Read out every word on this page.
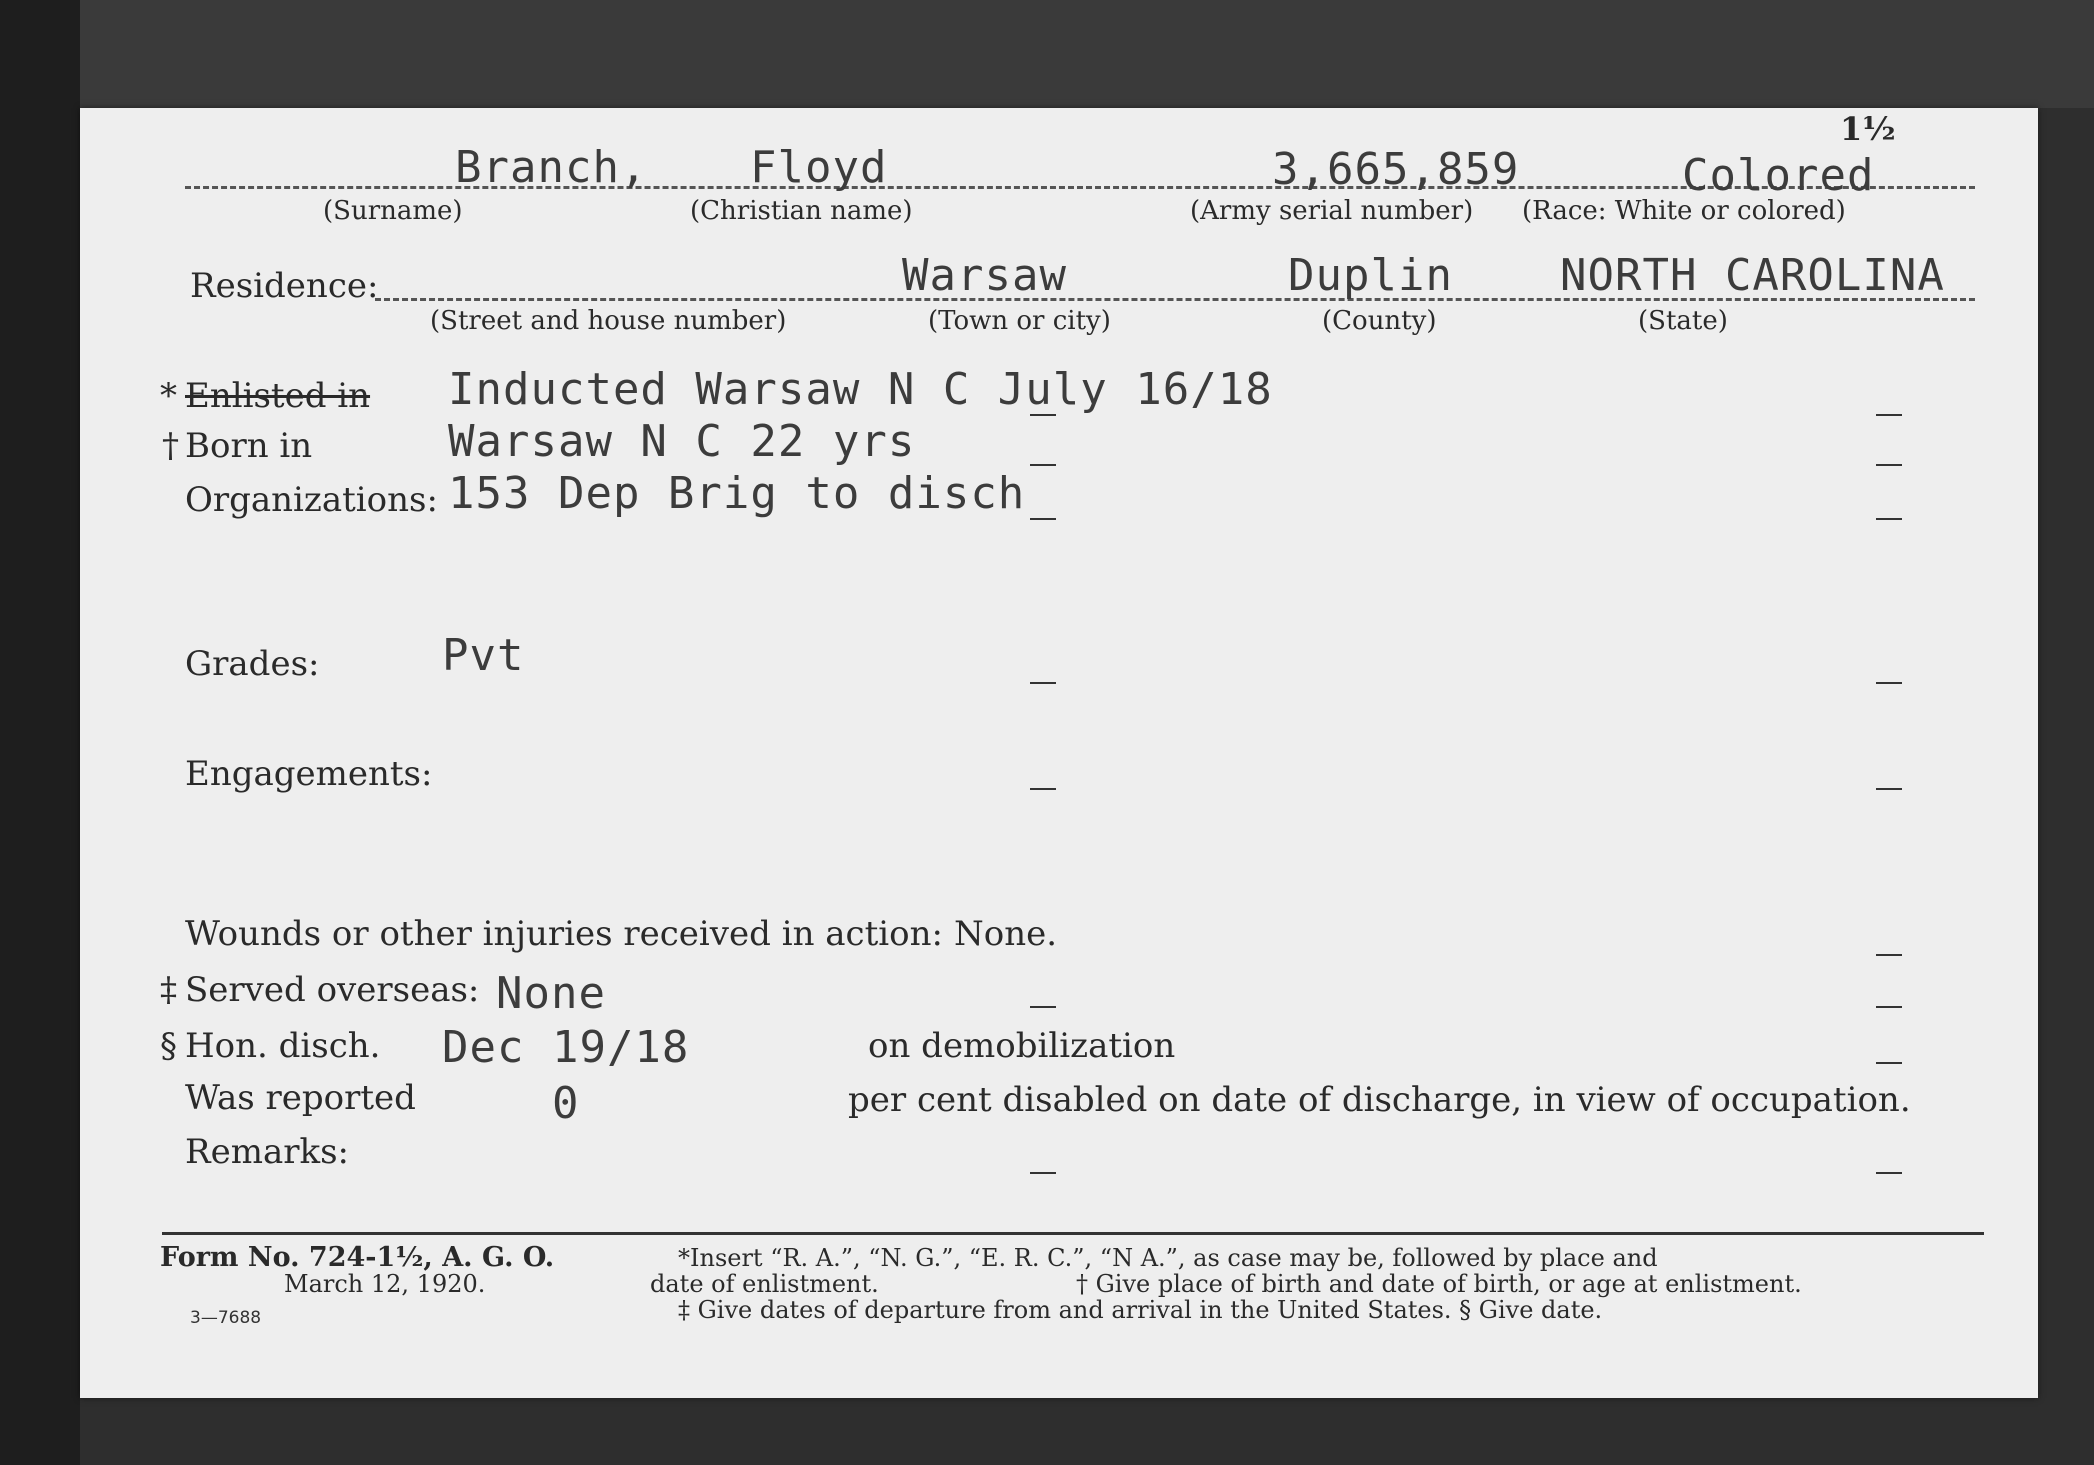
1½
Branch, Floyd	3,665,859	Colored
(Surname)	(Christian name)	(Army serial number) (Race: White or colored)
Residence:	Warsaw	Duplin NORTH CAROLINA
(Street and house number)	(Town or city)	(County)	(State)
* Enlisted in Inducted Warsaw N C July 16/18
† Born in	Warsaw N C 22 yrs
Organizations: 153 Dep Brig to disch
Grades:	Pvt
Engagements:
Wounds or other injuries received in action: None.
‡ Served overseas: None
§ Hon. disch. Dec 19/18	on demobilization
Was reported	0	per cent disabled on date of discharge, in view of occupation.
Remarks:
Form No. 724-1½, A. G. O.
March 12, 1920.
3—7688
*Insert “R. A.”, “N. G.”, “E. R. C.”, “N A.”, as case may be, followed by place and
date of enlistment.	† Give place of birth and date of birth, or age at enlistment.
‡ Give dates of departure from and arrival in the United States. § Give date.
